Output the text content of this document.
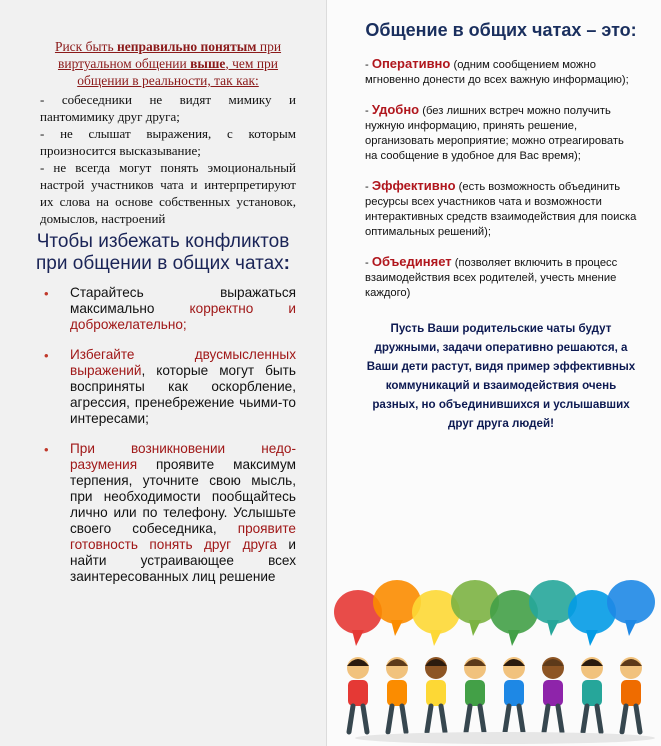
Риск быть неправильно понятым при виртуальном общении выше, чем при общении в реальности, так как:

- собеседники не видят мимику и пантомимику друг друга;

- не слышат выражения, с которым произносится высказывание;

- не всегда могут понять эмоциональный настрой участников чата и интерпретируют их слова на основе собственных установок, домыслов, настроений

Чтобы избежать конфликтов при общении в общих чатах:
• Старайтесь выражаться максимально корректно и доброжелательно;
• Избегайте двусмысленных выражений, которые могут быть восприняты как оскорбление, агрессия, пренебрежение чьими-то интересами;
• При возникновении недо-разумения проявите максимум терпения, уточните свою мысль, при необходимости пообщайтесь лично или по телефону. Услышьте своего собеседника, проявите готовность понять друг друга и найти устраивающее всех заинтересованных лиц решение
Общение в общих чатах – это:
- Оперативно (одним сообщением можно мгновенно донести до всех важную информацию);
- Удобно (без лишних встреч можно получить нужную информацию, принять решение, организовать мероприятие; можно отреагировать на сообщение в удобное для Вас время);
- Эффективно (есть возможность объединить ресурсы всех участников чата и возможности интерактивных средств взаимодействия для поиска оптимальных решений);
- Объединяет (позволяет включить в процесс взаимодействия всех родителей, учесть мнение каждого)
Пусть Ваши родительские чаты будут дружными, задачи оперативно решаются, а Ваши дети растут, видя пример эффективных коммуникаций и взаимодействия очень разных, но объединившихся и услышавших друг друга людей!
